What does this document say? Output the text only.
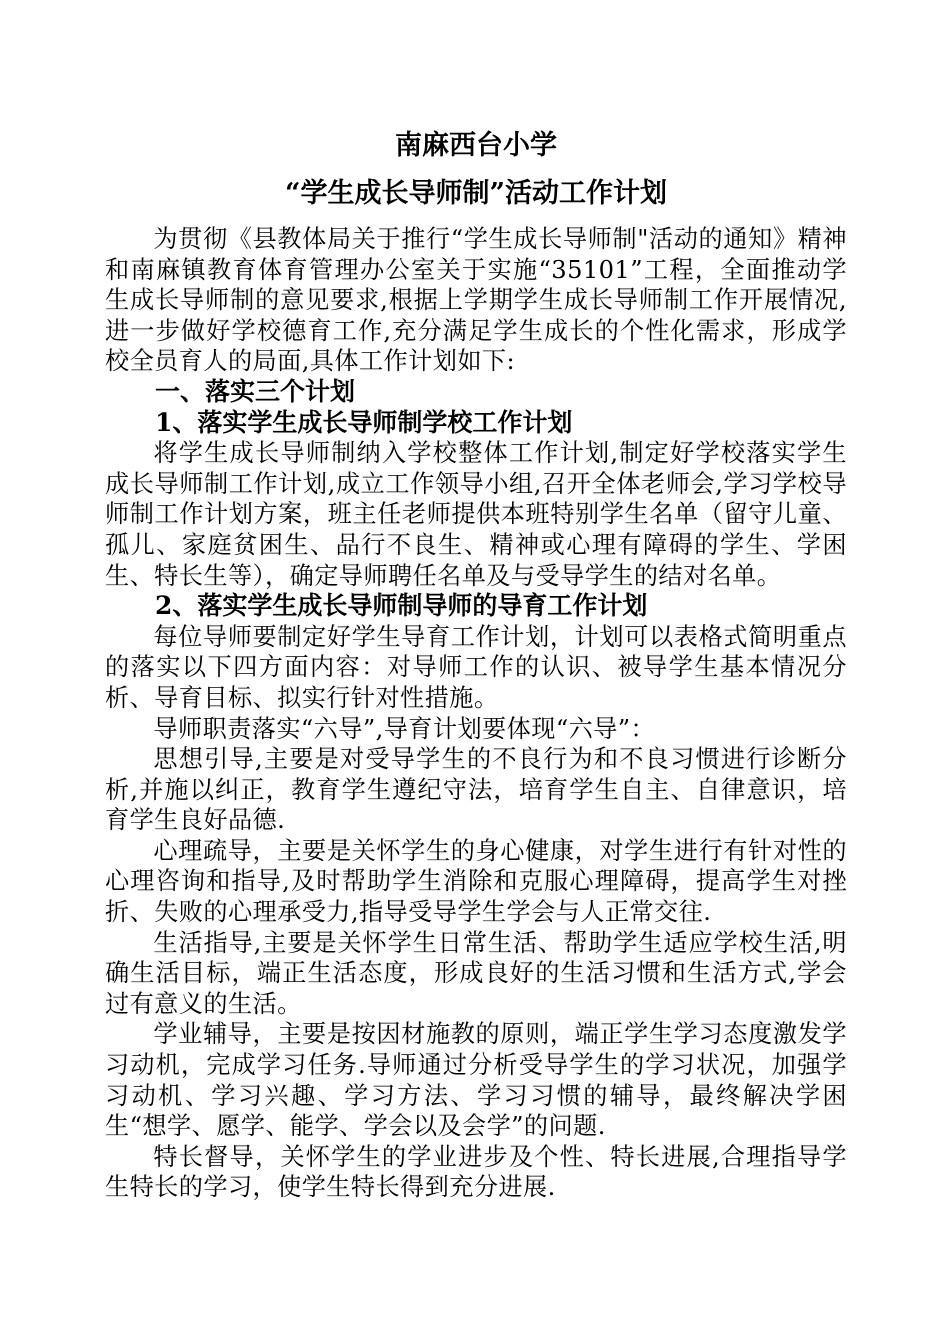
南麻西台小学

“学生成长导师制”活动工作计划

为贯彻《县教体局关于推行“学生成长导师制"活动的通知》精神和南麻镇教育体育管理办公室关于实施“35101”工程，全面推动学生成长导师制的意见要求,根据上学期学生成长导师制工作开展情况,进一步做好学校德育工作,充分满足学生成长的个性化需求，形成学校全员育人的局面,具体工作计划如下:

一、落实三个计划

1、落实学生成长导师制学校工作计划

将学生成长导师制纳入学校整体工作计划,制定好学校落实学生成长导师制工作计划,成立工作领导小组,召开全体老师会,学习学校导师制工作计划方案，班主任老师提供本班特别学生名单（留守儿童、孤儿、家庭贫困生、品行不良生、精神或心理有障碍的学生、学困生、特长生等），确定导师聘任名单及与受导学生的结对名单。

2、落实学生成长导师制导师的导育工作计划

每位导师要制定好学生导育工作计划，计划可以表格式简明重点的落实以下四方面内容：对导师工作的认识、被导学生基本情况分析、导育目标、拟实行针对性措施。

导师职责落实“六导”,导育计划要体现“六导”：

思想引导,主要是对受导学生的不良行为和不良习惯进行诊断分析,并施以纠正，教育学生遵纪守法，培育学生自主、自律意识，培育学生良好品德.

心理疏导，主要是关怀学生的身心健康，对学生进行有针对性的心理咨询和指导,及时帮助学生消除和克服心理障碍，提高学生对挫折、失败的心理承受力,指导受导学生学会与人正常交往.

生活指导,主要是关怀学生日常生活、帮助学生适应学校生活,明确生活目标，端正生活态度，形成良好的生活习惯和生活方式,学会过有意义的生活。

学业辅导，主要是按因材施教的原则，端正学生学习态度激发学习动机，完成学习任务.导师通过分析受导学生的学习状况，加强学习动机、学习兴趣、学习方法、学习习惯的辅导，最终解决学困生“想学、愿学、能学、学会以及会学”的问题.

特长督导，关怀学生的学业进步及个性、特长进展,合理指导学生特长的学习，使学生特长得到充分进展.
